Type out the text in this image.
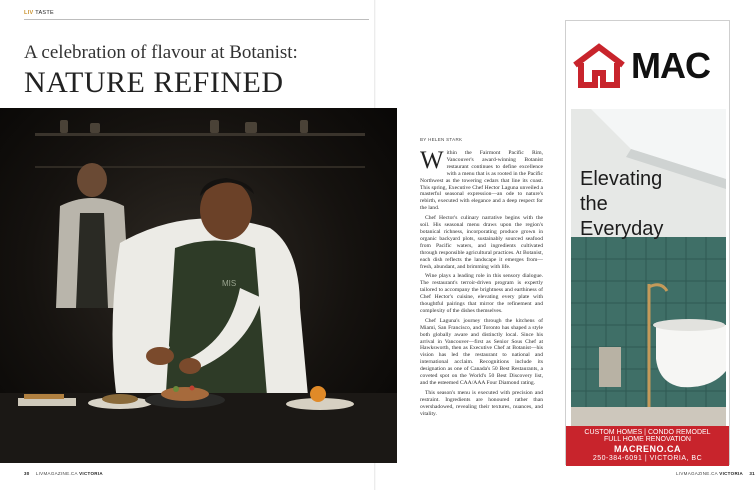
LIV TASTE
A celebration of flavour at Botanist:
NATURE REFINED
MIS
BY HELEN STARK

Within the Fairmont Pacific Rim, Vancouver's award-winning Botanist restaurant continues to define excellence with a menu that is as rooted in the Pacific Northwest as the towering cedars that line its coast. This spring, Executive Chef Hector Laguna unveiled a masterful seasonal expression—an ode to nature's rebirth, executed with elegance and a deep respect for the land.

Chef Hector's culinary narrative begins with the soil. His seasonal menu draws upon the region's botanical richness, incorporating produce grown in organic backyard plots, sustainably sourced seafood from Pacific waters, and ingredients cultivated through responsible agricultural practices. At Botanist, each dish reflects the landscape it emerges from—fresh, abundant, and brimming with life.

Wine plays a leading role in this sensory dialogue. The restaurant's terroir-driven program is expertly tailored to accompany the brightness and earthiness of Chef Hector's cuisine, elevating every plate with thoughtful pairings that mirror the refinement and complexity of the dishes themselves.

Chef Laguna's journey through the kitchens of Miami, San Francisco, and Toronto has shaped a style both globally aware and distinctly local. Since his arrival in Vancouver—first as Senior Sous Chef at Hawksworth, then as Executive Chef at Botanist—his vision has led the restaurant to national and international acclaim. Recognitions include its designation as one of Canada's 50 Best Restaurants, a coveted spot on the World's 50 Best Discovery list, and the esteemed CAA/AAA Four Diamond rating.

This season's menu is executed with precision and restraint. Ingredients are honoured rather than overshadowed, revealing their textures, nuances, and vitality.

MAC
Elevating
the
Everyday
CUSTOM HOMES | CONDO REMODEL
FULL HOME RENOVATION
MACRENO.CA
250-384-6091 | VICTORIA, BC
30 LIVMAGAZINE.CA VICTORIA	LIVMAGAZINE.CA VICTORIA 31
